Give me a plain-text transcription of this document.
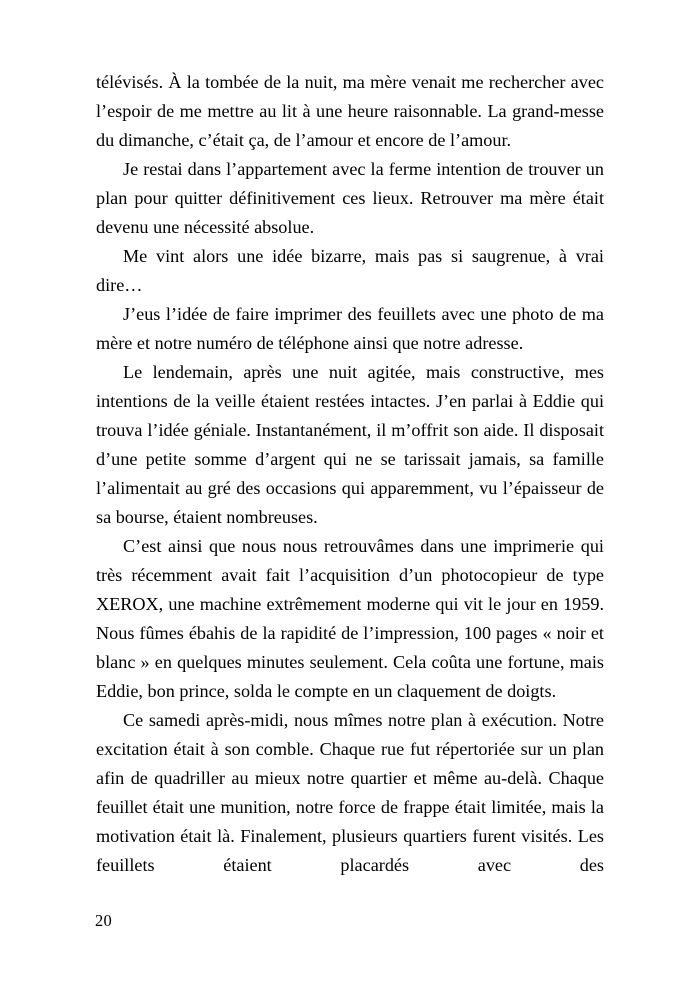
télévisés. À la tombée de la nuit, ma mère venait me rechercher avec l’espoir de me mettre au lit à une heure raisonnable. La grand-messe du dimanche, c’était ça, de l’amour et encore de l’amour.

Je restai dans l’appartement avec la ferme intention de trouver un plan pour quitter définitivement ces lieux. Retrouver ma mère était devenu une nécessité absolue.

Me vint alors une idée bizarre, mais pas si saugrenue, à vrai dire…

J’eus l’idée de faire imprimer des feuillets avec une photo de ma mère et notre numéro de téléphone ainsi que notre adresse.

Le lendemain, après une nuit agitée, mais constructive, mes intentions de la veille étaient restées intactes. J’en parlai à Eddie qui trouva l’idée géniale. Instantanément, il m’offrit son aide. Il disposait d’une petite somme d’argent qui ne se tarissait jamais, sa famille l’alimentait au gré des occasions qui apparemment, vu l’épaisseur de sa bourse, étaient nombreuses.

C’est ainsi que nous nous retrouvâmes dans une imprimerie qui très récemment avait fait l’acquisition d’un photocopieur de type XEROX, une machine extrêmement moderne qui vit le jour en 1959. Nous fûmes ébahis de la rapidité de l’impression, 100 pages « noir et blanc » en quelques minutes seulement. Cela coûta une fortune, mais Eddie, bon prince, solda le compte en un claquement de doigts.

Ce samedi après-midi, nous mîmes notre plan à exécution. Notre excitation était à son comble. Chaque rue fut répertoriée sur un plan afin de quadriller au mieux notre quartier et même au-delà. Chaque feuillet était une munition, notre force de frappe était limitée, mais la motivation était là. Finalement, plusieurs quartiers furent visités. Les feuillets étaient placardés avec des

20
